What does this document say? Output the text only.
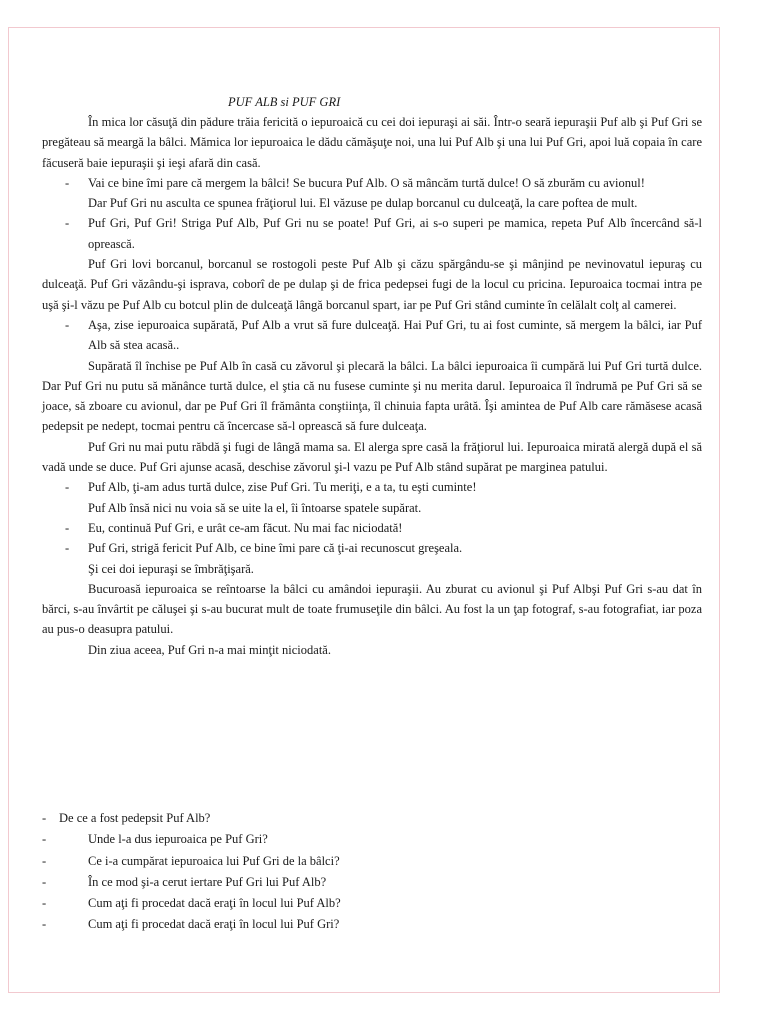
PUF ALB si PUF GRI

În mica lor căsuţă din pădure trăia fericită o iepuroaică cu cei doi iepuraşi ai săi. Într-o seară iepuraşii Puf alb şi Puf Gri se pregăteau să meargă la bâlci. Mămica lor iepuroaica le dădu cămăşuţe noi, una lui Puf Alb şi una lui Puf Gri, apoi luă copaia în care făcuseră baie iepuraşii şi ieşi afară din casă.

- Vai ce bine îmi pare că mergem la bâlci! Se bucura Puf Alb. O să mâncăm turtă dulce! O să zburăm cu avionul!

Dar Puf Gri nu asculta ce spunea frăţiorul lui. El văzuse pe dulap borcanul cu dulceaţă, la care poftea de mult.

- Puf Gri, Puf Gri! Striga Puf Alb, Puf Gri nu se poate! Puf Gri, ai s-o superi pe mamica, repeta Puf Alb încercând să-l oprească.

Puf Gri lovi borcanul, borcanul se rostogoli peste Puf Alb şi căzu spărgându-se şi mânjind pe nevinovatul iepuraş cu dulceaţă. Puf Gri văzându-şi isprava, coborî de pe dulap şi de frica pedepsei fugi de la locul cu pricina. Iepuroaica tocmai intra pe uşă şi-l văzu pe Puf Alb cu botcul plin de dulceaţă lângă borcanul spart, iar pe Puf Gri stând cuminte în celălalt colţ al camerei.

- Aşa, zise iepuroaica supărată, Puf Alb a vrut să fure dulceaţă. Hai Puf Gri, tu ai fost cuminte, să mergem la bâlci, iar Puf Alb să stea acasă..

Supărată îl închise pe Puf Alb în casă cu zăvorul şi plecară la bâlci. La bâlci iepuroaica îi cumpără lui Puf Gri turtă dulce. Dar Puf Gri nu putu să mănânce turtă dulce, el ştia că nu fusese cuminte şi nu merita darul. Iepuroaica îl îndrumă pe Puf Gri să se joace, să zboare cu avionul, dar pe Puf Gri îl frământa conştiinţa, îl chinuia fapta urâtă. Îşi amintea de Puf Alb care rămăsese acasă pedepsit pe nedept, tocmai pentru că încercase să-l oprească să fure dulceaţa.

Puf Gri nu mai putu răbdă şi fugi de lângă mama sa. El alerga spre casă la frăţiorul lui. Iepuroaica mirată alergă după el să vadă unde se duce. Puf Gri ajunse acasă, deschise zăvorul şi-l vazu pe Puf Alb stând supărat pe marginea patului.

- Puf Alb, ţi-am adus turtă dulce, zise Puf Gri. Tu meriţi, e a ta, tu eşti cuminte!

Puf Alb însă nici nu voia să se uite la el, îi întoarse spatele supărat.

- Eu, continuă Puf Gri, e urât ce-am făcut. Nu mai fac niciodată!
- Puf Gri, strigă fericit Puf Alb, ce bine îmi pare că ţi-ai recunoscut greşeala.

Şi cei doi iepuraşi se îmbrăţişară.

Bucuroasă iepuroaica se reîntoarse la bâlci cu amândoi iepuraşii. Au zburat cu avionul şi Puf Albşi Puf Gri s-au dat în bărci, s-au învârtit pe căluşei şi s-au bucurat mult de toate frumuseţile din bâlci. Au fost la un ţap fotograf, s-au fotografiat, iar poza au pus-o deasupra patului.

Din ziua aceea, Puf Gri n-a mai minţit niciodată.

- De ce a fost pedepsit Puf Alb?
-	Unde l-a dus iepuroaica pe Puf Gri?
-	Ce i-a cumpărat iepuroaica lui Puf Gri de la bâlci?
-	În ce mod şi-a cerut iertare Puf Gri lui Puf Alb?
-	Cum aţi fi procedat dacă eraţi în locul lui Puf Alb?
-	Cum aţi fi procedat dacă eraţi în locul lui Puf Gri?
